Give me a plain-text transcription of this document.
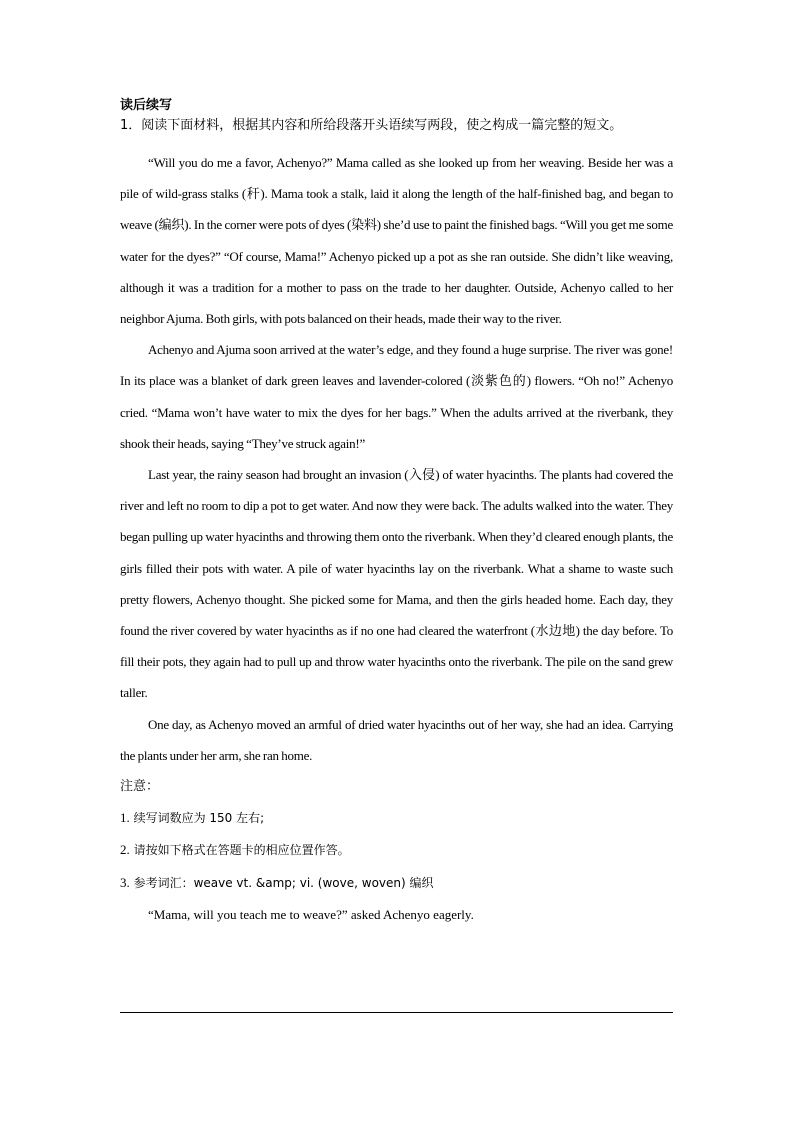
读后续写
1．阅读下面材料，根据其内容和所给段落开头语续写两段，使之构成一篇完整的短文。

“Will you do me a favor, Achenyo?” Mama called as she looked up from her weaving. Beside her was a pile of wild-grass stalks (秆). Mama took a stalk, laid it along the length of the half-finished bag, and began to weave (编织). In the corner were pots of dyes (染料) she’d use to paint the finished bags. “Will you get me some water for the dyes?” “Of course, Mama!” Achenyo picked up a pot as she ran outside. She didn’t like weaving, although it was a tradition for a mother to pass on the trade to her daughter. Outside, Achenyo called to her neighbor Ajuma. Both girls, with pots balanced on their heads, made their way to the river.

Achenyo and Ajuma soon arrived at the water’s edge, and they found a huge surprise. The river was gone! In its place was a blanket of dark green leaves and lavender-colored (淡紫色的) flowers. “Oh no!” Achenyo cried. “Mama won’t have water to mix the dyes for her bags.” When the adults arrived at the riverbank, they shook their heads, saying “They’ve struck again!”

Last year, the rainy season had brought an invasion (入侵) of water hyacinths. The plants had covered the river and left no room to dip a pot to get water. And now they were back. The adults walked into the water. They began pulling up water hyacinths and throwing them onto the riverbank. When they’d cleared enough plants, the girls filled their pots with water. A pile of water hyacinths lay on the riverbank. What a shame to waste such pretty flowers, Achenyo thought. She picked some for Mama, and then the girls headed home. Each day, they found the river covered by water hyacinths as if no one had cleared the waterfront (水边地) the day before. To fill their pots, they again had to pull up and throw water hyacinths onto the riverbank. The pile on the sand grew taller.

One day, as Achenyo moved an armful of dried water hyacinths out of her way, she had an idea. Carrying the plants under her arm, she ran home.

注意：
1. 续写词数应为 150 左右;
2. 请按如下格式在答题卡的相应位置作答。
3. 参考词汇：weave vt. &amp; vi. (wove, woven) 编织
“Mama, will you teach me to weave?” asked Achenyo eagerly.
